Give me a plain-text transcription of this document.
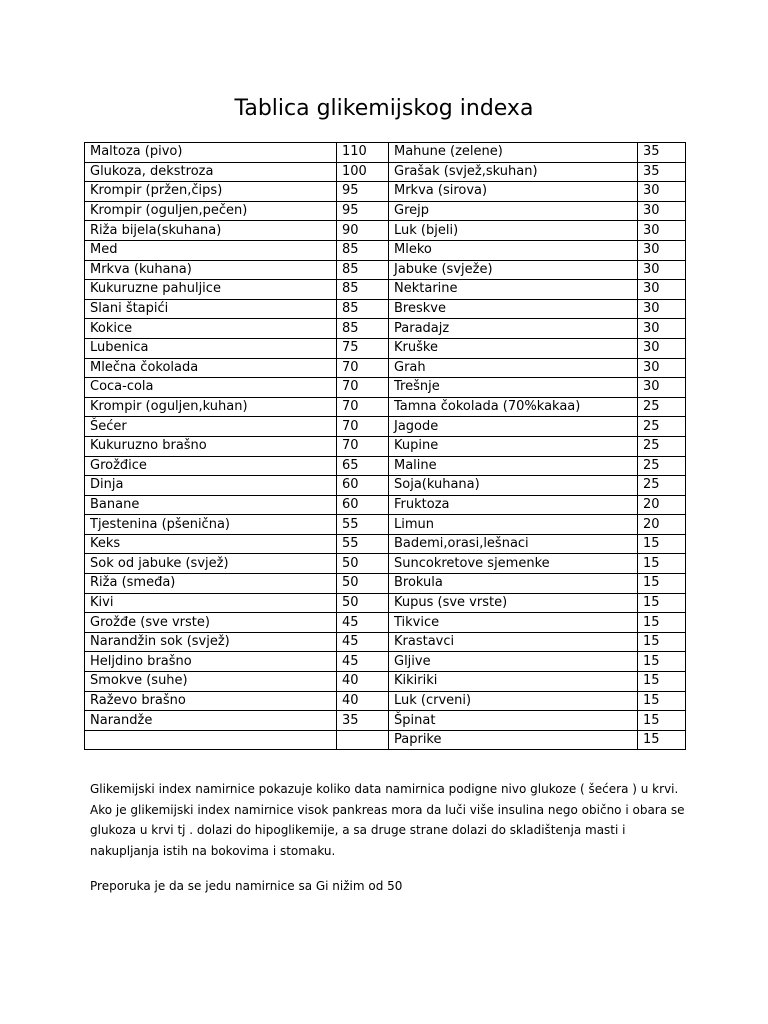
Tablica glikemijskog indexa
Maltoza (pivo)	110	Mahune (zelene)	35
Glukoza, dekstroza	100	Grašak (svjež,skuhan)	35
Krompir (pržen,čips)	95	Mrkva (sirova)	30
Krompir (oguljen,pečen)	95	Grejp	30
Riža bijela(skuhana)	90	Luk (bjeli)	30
Med	85	Mleko	30
Mrkva (kuhana)	85	Jabuke (svježe)	30
Kukuruzne pahuljice	85	Nektarine	30
Slani štapići	85	Breskve	30
Kokice	85	Paradajz	30
Lubenica	75	Kruške	30
Mlečna čokolada	70	Grah	30
Coca-cola	70	Trešnje	30
Krompir (oguljen,kuhan)	70	Tamna čokolada (70%kakaa)	25
Šećer	70	Jagode	25
Kukuruzno brašno	70	Kupine	25
Grožđice	65	Maline	25
Dinja	60	Soja(kuhana)	25
Banane	60	Fruktoza	20
Tjestenina (pšenična)	55	Limun	20
Keks	55	Bademi,orasi,lešnaci	15
Sok od jabuke (svjež)	50	Suncokretove sjemenke	15
Riža (smeđa)	50	Brokula	15
Kivi	50	Kupus (sve vrste)	15
Grožđe (sve vrste)	45	Tikvice	15
Narandžin sok (svjež)	45	Krastavci	15
Heljdino brašno	45	Gljive	15
Smokve (suhe)	40	Kikiriki	15
Raževo brašno	40	Luk (crveni)	15
Narandže	35	Špinat	15
		Paprike	15
Glikemijski index namirnice pokazuje koliko data namirnica podigne nivo glukoze ( šećera ) u krvi. Ako je glikemijski index namirnice visok pankreas mora da luči više insulina nego obično i obara se glukoza u krvi tj . dolazi do hipoglikemije, a sa druge strane dolazi do skladištenja masti i nakupljanja istih na bokovima i stomaku.
Preporuka je da se jedu namirnice sa Gi nižim od 50
